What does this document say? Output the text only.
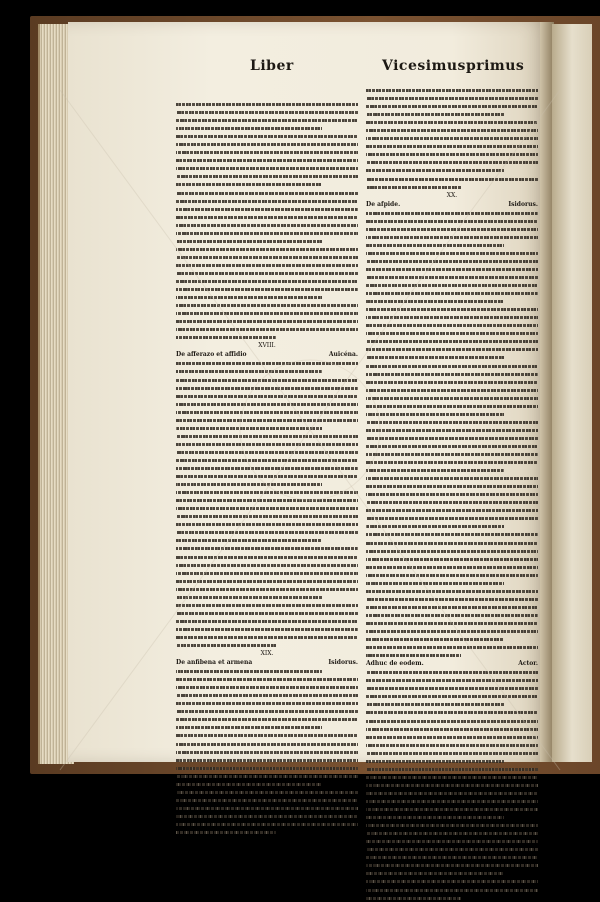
Liber	Vicesimusprimus
XVIII.
De afferazo et affidio	Auicéna.
XIX.
De anfibena et armena	Isidorus.
XX.
De afpide.	Isidorus.
Adhuc de eodem.	Actor.
